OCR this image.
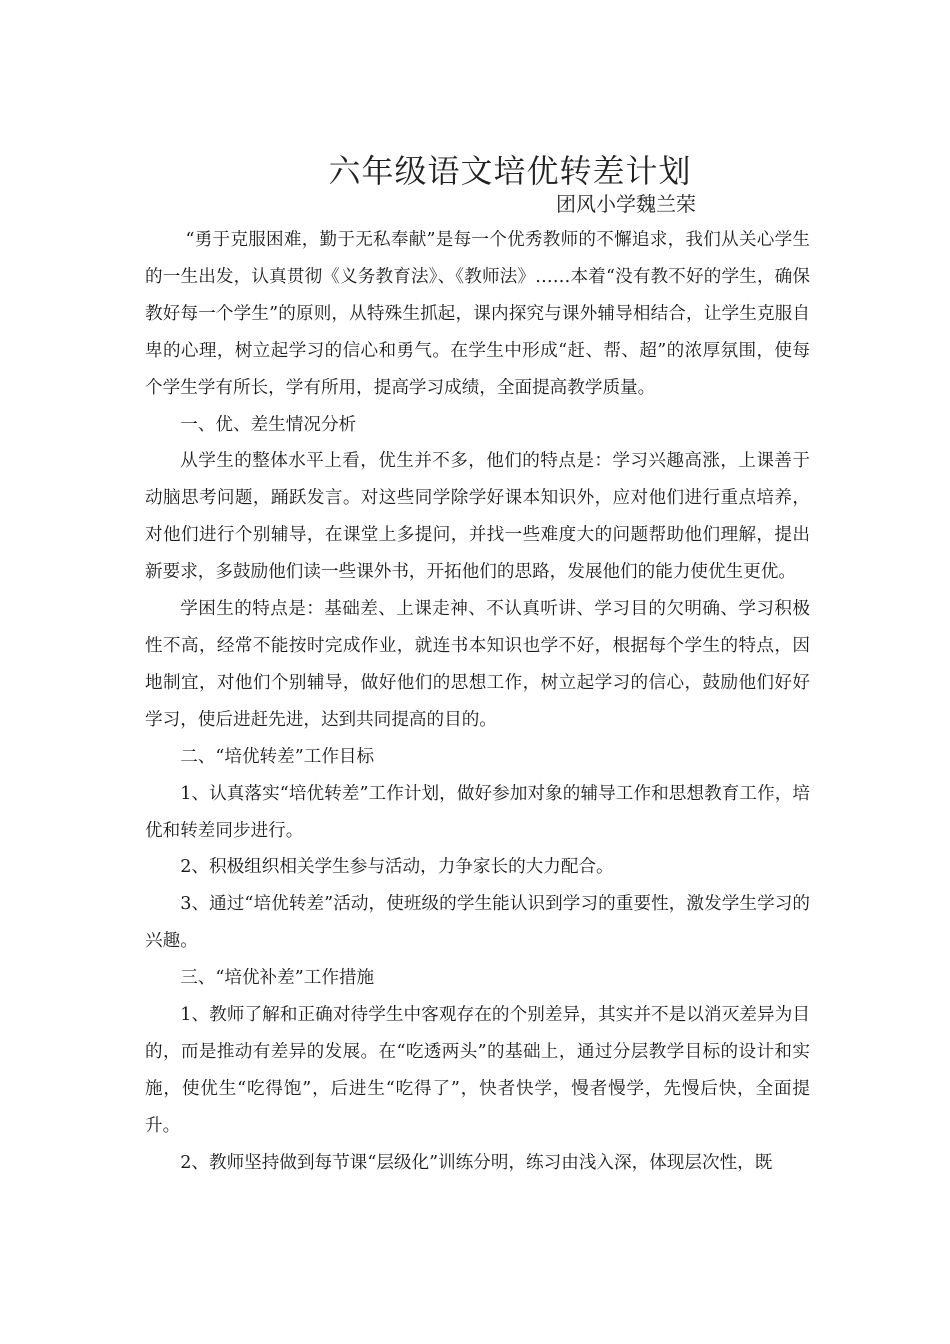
六年级语文培优转差计划
团风小学魏兰荣

“勇于克服困难，勤于无私奉献”是每一个优秀教师的不懈追求，我们从关心学生的一生出发，认真贯彻《义务教育法》、《教师法》……本着“没有教不好的学生，确保教好每一个学生”的原则，从特殊生抓起，课内探究与课外辅导相结合，让学生克服自卑的心理，树立起学习的信心和勇气。在学生中形成“赶、帮、超”的浓厚氛围，使每个学生学有所长，学有所用，提高学习成绩，全面提高教学质量。

一、优、差生情况分析

从学生的整体水平上看，优生并不多，他们的特点是：学习兴趣高涨，上课善于动脑思考问题，踊跃发言。对这些同学除学好课本知识外，应对他们进行重点培养，对他们进行个别辅导，在课堂上多提问，并找一些难度大的问题帮助他们理解，提出新要求，多鼓励他们读一些课外书，开拓他们的思路，发展他们的能力使优生更优。

学困生的特点是：基础差、上课走神、不认真听讲、学习目的欠明确、学习积极性不高，经常不能按时完成作业，就连书本知识也学不好，根据每个学生的特点，因地制宜，对他们个别辅导，做好他们的思想工作，树立起学习的信心，鼓励他们好好学习，使后进赶先进，达到共同提高的目的。

二、“培优转差”工作目标

1、认真落实“培优转差”工作计划，做好参加对象的辅导工作和思想教育工作，培优和转差同步进行。

2、积极组织相关学生参与活动，力争家长的大力配合。

3、通过“培优转差”活动，使班级的学生能认识到学习的重要性，激发学生学习的兴趣。

三、“培优补差”工作措施

1、教师了解和正确对待学生中客观存在的个别差异，其实并不是以消灭差异为目的，而是推动有差异的发展。在“吃透两头”的基础上，通过分层教学目标的设计和实施，使优生“吃得饱”，后进生“吃得了”，快者快学，慢者慢学，先慢后快，全面提升。

2、教师坚持做到每节课“层级化”训练分明，练习由浅入深，体现层次性，既
